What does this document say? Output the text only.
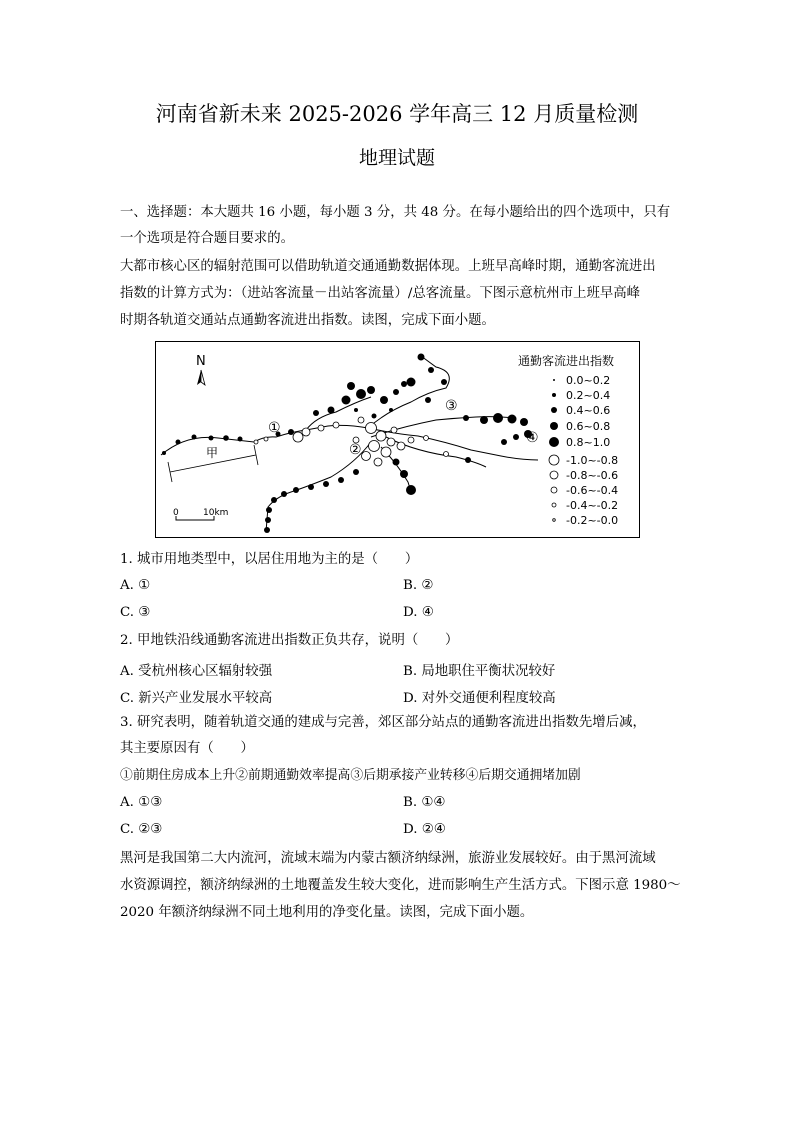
河南省新未来 2025-2026 学年高三 12 月质量检测
地理试题
一、选择题：本大题共 16 小题，每小题 3 分，共 48 分。在每小题给出的四个选项中，只有
一个选项是符合题目要求的。
大都市核心区的辐射范围可以借助轨道交通通勤数据体现。上班早高峰时期，通勤客流进出
指数的计算方式为：（进站客流量－出站客流量）/总客流量。下图示意杭州市上班早高峰
时期各轨道交通站点通勤客流进出指数。读图，完成下面小题。
N
①
②
③
④
甲
0	10km
通勤客流进出指数
0.0~0.2
0.2~0.4
0.4~0.6
0.6~0.8
0.8~1.0
-1.0~-0.8
-0.8~-0.6
-0.6~-0.4
-0.4~-0.2
-0.2~-0.0
1. 城市用地类型中，以居住用地为主的是（　　）
A. ①	B. ②
C. ③	D. ④
2. 甲地铁沿线通勤客流进出指数正负共存，说明（　　）
A. 受杭州核心区辐射较强	B. 局地职住平衡状况较好
C. 新兴产业发展水平较高	D. 对外交通便利程度较高
3. 研究表明，随着轨道交通的建成与完善，郊区部分站点的通勤客流进出指数先增后减，
其主要原因有（　　）
①前期住房成本上升②前期通勤效率提高③后期承接产业转移④后期交通拥堵加剧
A. ①③	B. ①④
C. ②③	D. ②④
黑河是我国第二大内流河，流域末端为内蒙古额济纳绿洲，旅游业发展较好。由于黑河流域
水资源调控，额济纳绿洲的土地覆盖发生较大变化，进而影响生产生活方式。下图示意 1980～
2020 年额济纳绿洲不同土地利用的净变化量。读图，完成下面小题。
